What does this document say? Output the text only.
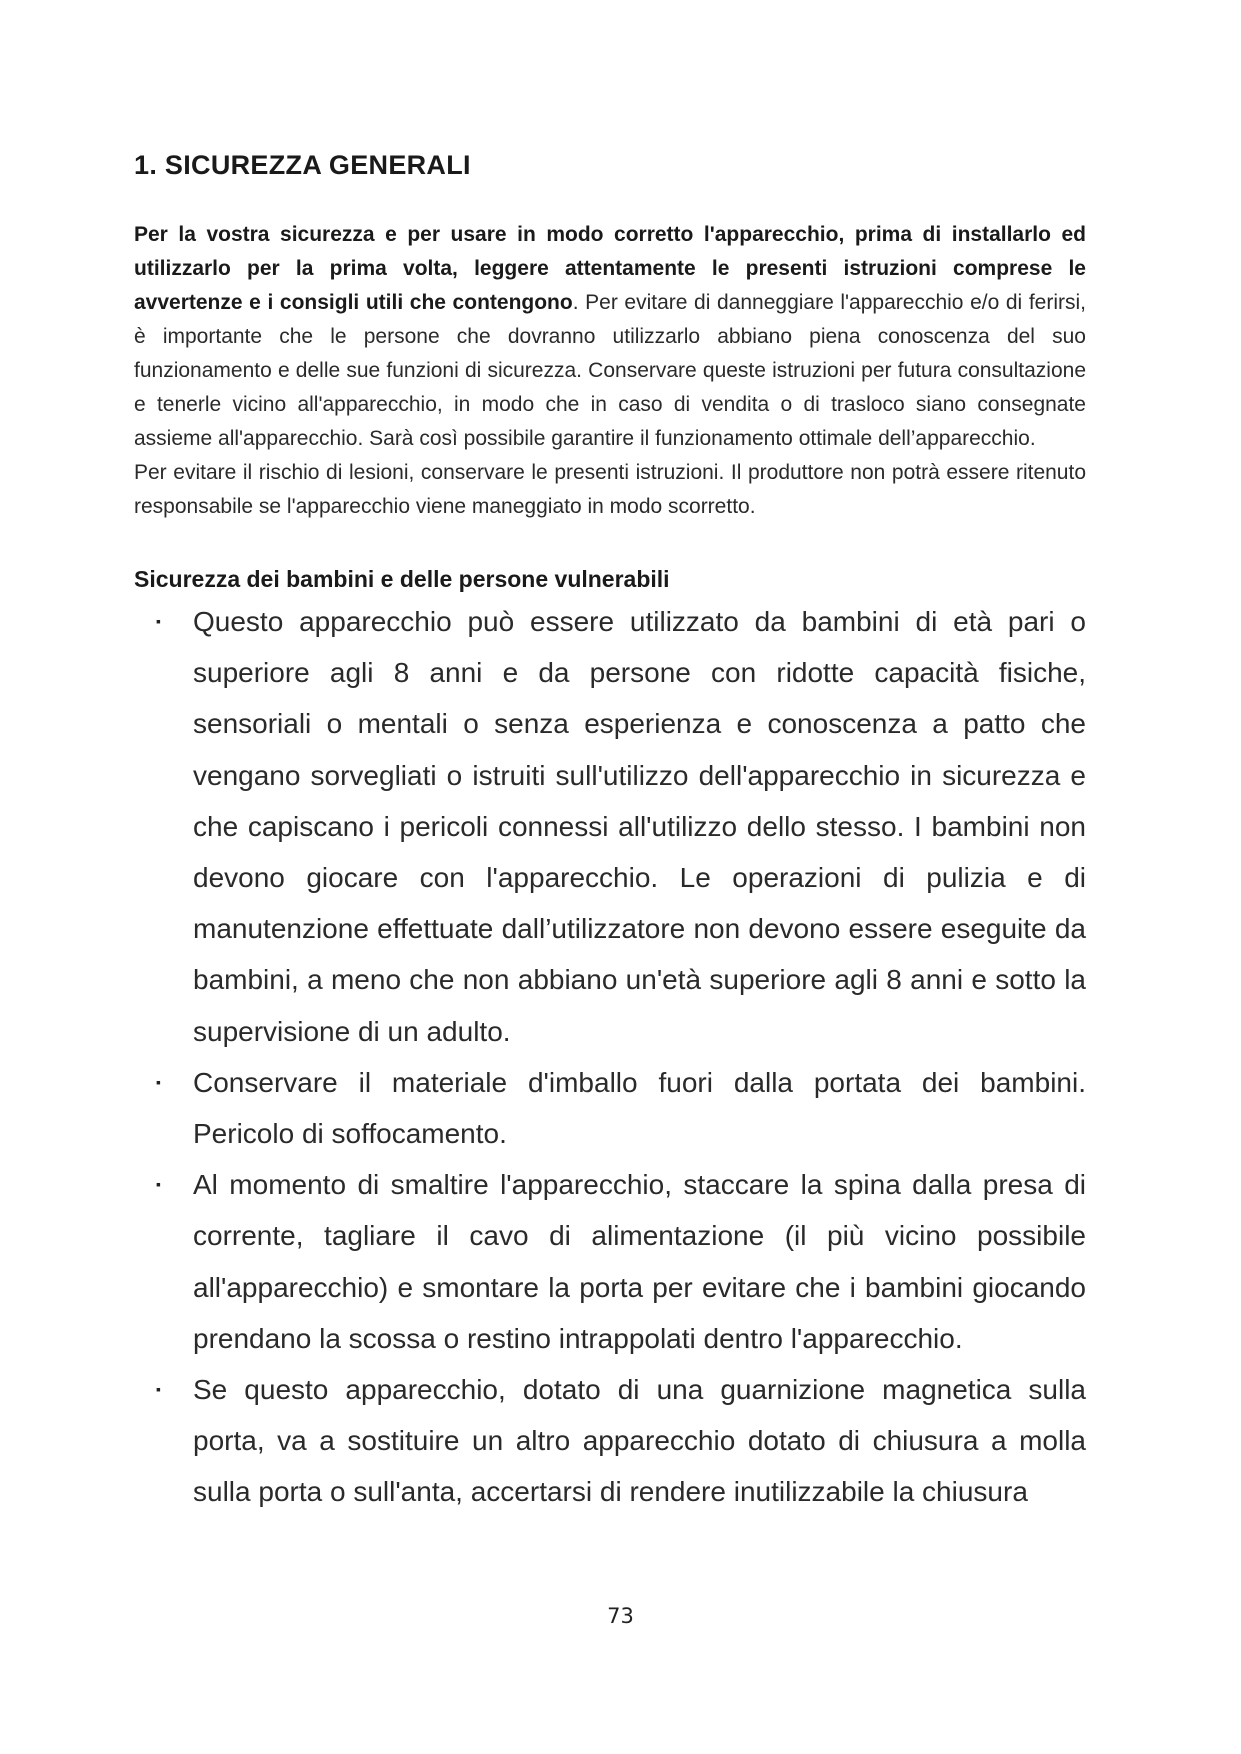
1. SICUREZZA GENERALI

Per la vostra sicurezza e per usare in modo corretto l'apparecchio, prima di installarlo ed utilizzarlo per la prima volta, leggere attentamente le presenti istruzioni comprese le avvertenze e i consigli utili che contengono. Per evitare di danneggiare l'apparecchio e/o di ferirsi, è importante che le persone che dovranno utilizzarlo abbiano piena conoscenza del suo funzionamento e delle sue funzioni di sicurezza. Conservare queste istruzioni per futura consultazione e tenerle vicino all'apparecchio, in modo che in caso di vendita o di trasloco siano consegnate assieme all'apparecchio. Sarà così possibile garantire il funzionamento ottimale dell’apparecchio.

Per evitare il rischio di lesioni, conservare le presenti istruzioni. Il produttore non potrà essere ritenuto responsabile se l'apparecchio viene maneggiato in modo scorretto.

Sicurezza dei bambini e delle persone vulnerabili
▪ Questo apparecchio può essere utilizzato da bambini di età pari o superiore agli 8 anni e da persone con ridotte capacità fisiche, sensoriali o mentali o senza esperienza e conoscenza a patto che vengano sorvegliati o istruiti sull'utilizzo dell'apparecchio in sicurezza e che capiscano i pericoli connessi all'utilizzo dello stesso. I bambini non devono giocare con l'apparecchio. Le operazioni di pulizia e di manutenzione effettuate dall’utilizzatore non devono essere eseguite da bambini, a meno che non abbiano un'età superiore agli 8 anni e sotto la supervisione di un adulto.
▪ Conservare il materiale d'imballo fuori dalla portata dei bambini. Pericolo di soffocamento.
▪ Al momento di smaltire l'apparecchio, staccare la spina dalla presa di corrente, tagliare il cavo di alimentazione (il più vicino possibile all'apparecchio) e smontare la porta per evitare che i bambini giocando prendano la scossa o restino intrappolati dentro l'apparecchio.
▪ Se questo apparecchio, dotato di una guarnizione magnetica sulla porta, va a sostituire un altro apparecchio dotato di chiusura a molla sulla porta o sull'anta, accertarsi di rendere inutilizzabile la chiusura
73
